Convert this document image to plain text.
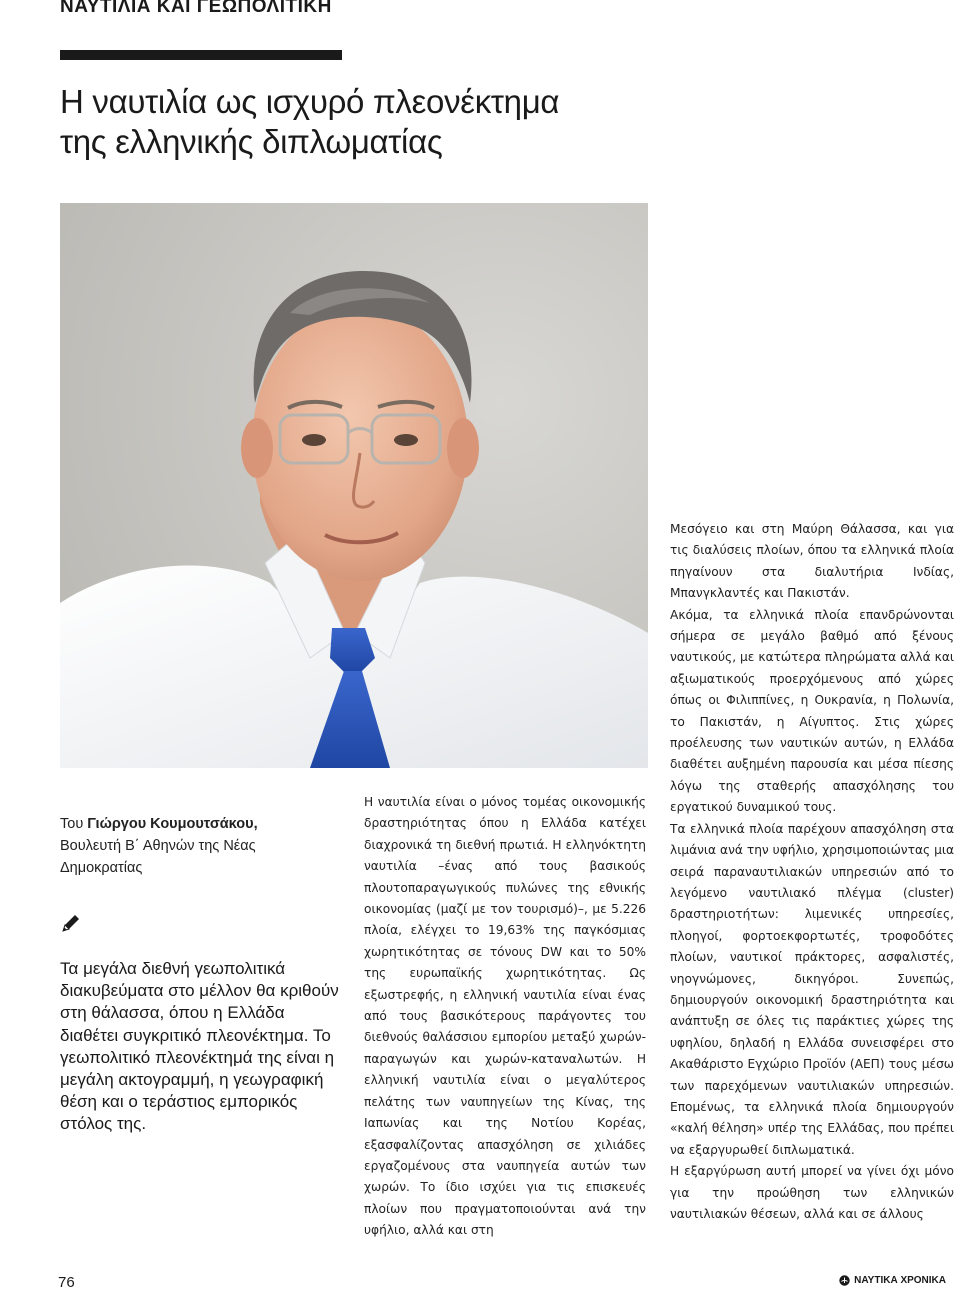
ΝΑΥΤΙΛΙΑ ΚΑΙ ΓΕΩΠΟΛΙΤΙΚΗ
Η ναυτιλία ως ισχυρό πλεονέκτημα
της ελληνικής διπλωματίας
Του Γιώργου Κουμουτσάκου,
Βουλευτή Β΄ Αθηνών της Νέας
Δημοκρατίας
Τα μεγάλα διεθνή γεωπολιτικά διακυβεύματα στο μέλλον θα κριθούν στη θάλασσα, όπου η Ελλάδα διαθέτει συγκριτικό πλεονέκτημα. Το γεωπολιτικό πλεονέκτημά της είναι η μεγάλη ακτογραμμή, η γεωγραφική θέση και ο τεράστιος εμπορικός στόλος της.

Η ναυτιλία είναι ο μόνος τομέας οικονομικής δραστηριότητας όπου η Ελλάδα κατέχει διαχρονικά τη διεθνή πρωτιά. Η ελληνόκτητη ναυτιλία –ένας από τους βασικούς πλουτοπαραγωγικούς πυλώνες της εθνικής οικονομίας (μαζί με τον τουρισμό)–, με 5.226 πλοία, ελέγχει το 19,63% της παγκόσμιας χωρητικότητας σε τόνους DW και το 50% της ευρωπαϊκής χωρητικότητας. Ως εξωστρεφής, η ελληνική ναυτιλία είναι ένας από τους βασικότερους παράγοντες του διεθνούς θαλάσσιου εμπορίου μεταξύ χωρών-παραγωγών και χωρών-καταναλωτών. Η ελληνική ναυτιλία είναι ο μεγαλύτερος πελάτης των ναυπηγείων της Κίνας, της Ιαπωνίας και της Νοτίου Κορέας, εξασφαλίζοντας απασχόληση σε χιλιάδες εργαζομένους στα ναυπηγεία αυτών των χωρών. Το ίδιο ισχύει για τις επισκευές πλοίων που πραγματοποιούνται ανά την υφήλιο, αλλά και στη

Μεσόγειο και στη Μαύρη Θάλασσα, και για τις διαλύσεις πλοίων, όπου τα ελληνικά πλοία πηγαίνουν στα διαλυτήρια Ινδίας, Μπανγκλαντές και Πακιστάν.

Ακόμα, τα ελληνικά πλοία επανδρώνονται σήμερα σε μεγάλο βαθμό από ξένους ναυτικούς, με κατώτερα πληρώματα αλλά και αξιωματικούς προερχόμενους από χώρες όπως οι Φιλιππίνες, η Ουκρανία, η Πολωνία, το Πακιστάν, η Αίγυπτος. Στις χώρες προέλευσης των ναυτικών αυτών, η Ελλάδα διαθέτει αυξημένη παρουσία και μέσα πίεσης λόγω της σταθερής απασχόλησης του εργατικού δυναμικού τους.

Τα ελληνικά πλοία παρέχουν απασχόληση στα λιμάνια ανά την υφήλιο, χρησιμοποιώντας μια σειρά παραναυτιλιακών υπηρεσιών από το λεγόμενο ναυτιλιακό πλέγμα (cluster) δραστηριοτήτων: λιμενικές υπηρεσίες, πλοηγοί, φορτοεκφορτωτές, τροφοδότες πλοίων, ναυτικοί πράκτορες, ασφαλιστές, νηογνώμονες, δικηγόροι. Συνεπώς, δημιουργούν οικονομική δραστηριότητα και ανάπτυξη σε όλες τις παράκτιες χώρες της υφηλίου, δηλαδή η Ελλάδα συνεισφέρει στο Ακαθάριστο Εγχώριο Προϊόν (ΑΕΠ) τους μέσω των παρεχόμενων ναυτιλιακών υπηρεσιών. Επομένως, τα ελληνικά πλοία δημιουργούν «καλή θέληση» υπέρ της Ελλάδας, που πρέπει να εξαργυρωθεί διπλωματικά.

Η εξαργύρωση αυτή μπορεί να γίνει όχι μόνο για την προώθηση των ελληνικών ναυτιλιακών θέσεων, αλλά και σε άλλους

76	ΝΑΥΤΙΚΑ ΧΡΟΝΙΚΑ
